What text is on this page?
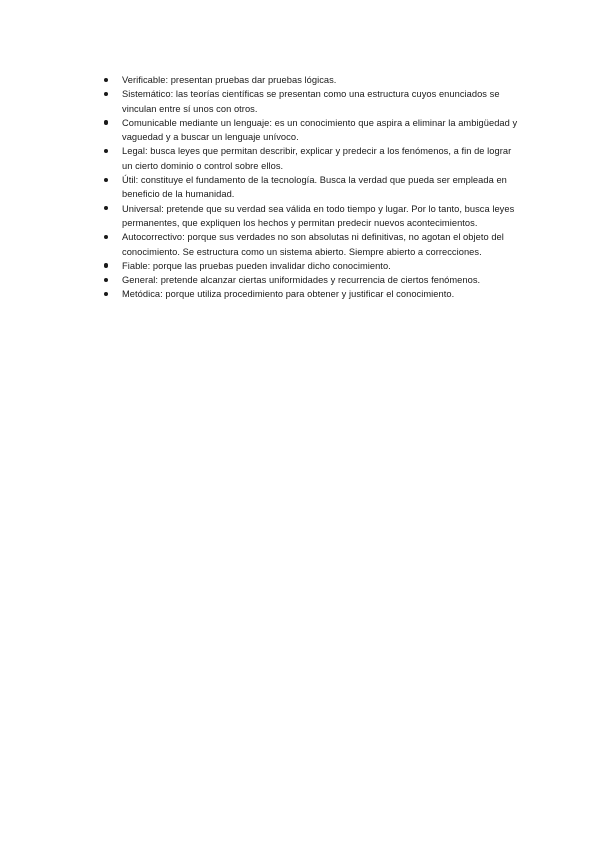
Verificable: presentan pruebas dar pruebas lógicas.
Sistemático: las teorías científicas se presentan como una estructura cuyos enunciados se vinculan entre sí unos con otros.
Comunicable mediante un lenguaje: es un conocimiento que aspira a eliminar la ambigüedad y vaguedad y a buscar un lenguaje unívoco.
Legal: busca leyes que permitan describir, explicar y predecir a los fenómenos, a fin de lograr un cierto dominio o control sobre ellos.
Útil: constituye el fundamento de la tecnología. Busca la verdad que pueda ser empleada en beneficio de la humanidad.
Universal: pretende que su verdad sea válida en todo tiempo y lugar. Por lo tanto, busca leyes permanentes, que expliquen los hechos y permitan predecir nuevos acontecimientos.
Autocorrectivo: porque sus verdades no son absolutas ni definitivas, no agotan el objeto del conocimiento. Se estructura como un sistema abierto. Siempre abierto a correcciones.
Fiable: porque las pruebas pueden invalidar dicho conocimiento.
General: pretende alcanzar ciertas uniformidades y recurrencia de ciertos fenómenos.
Metódica: porque utiliza procedimiento para obtener y justificar el conocimiento.
